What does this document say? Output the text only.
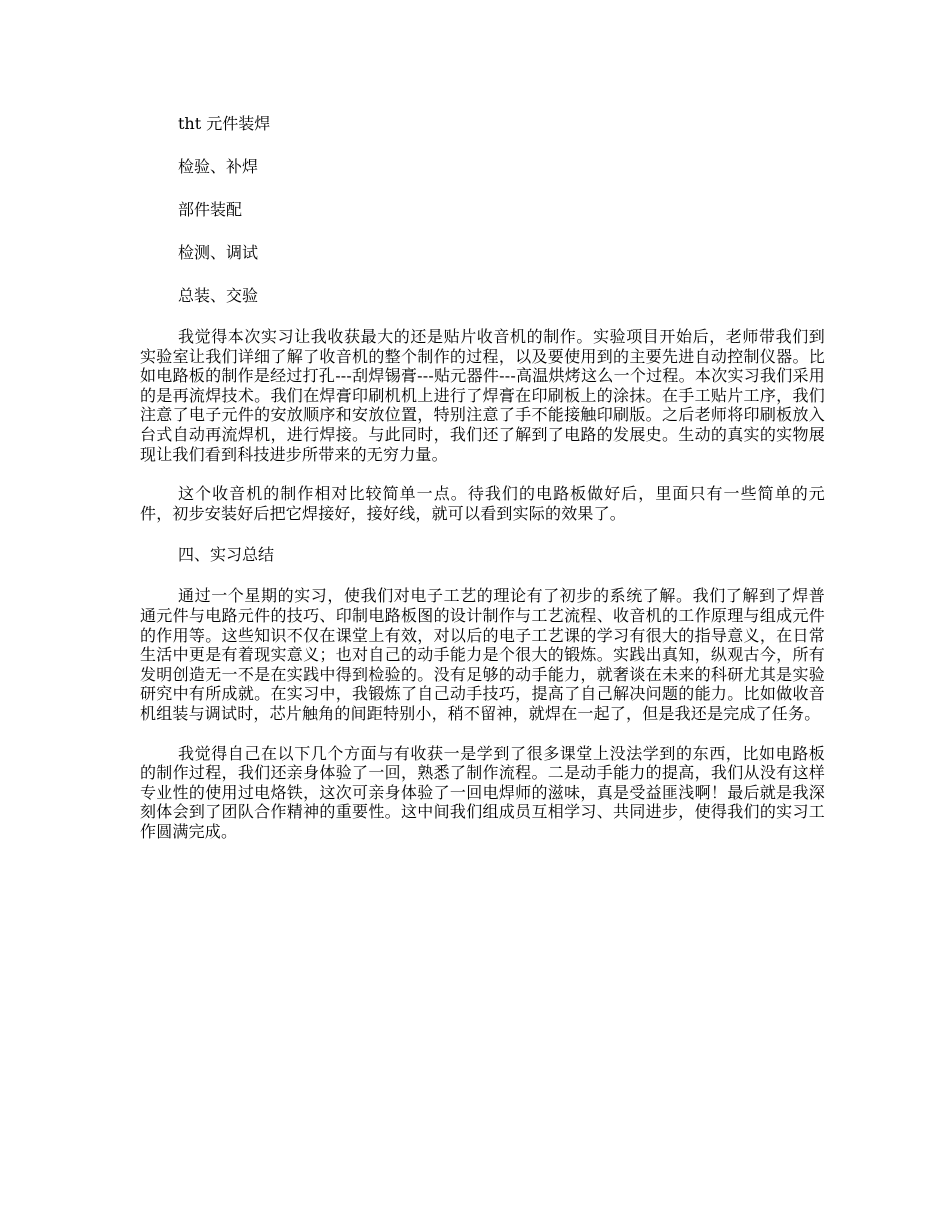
tht 元件装焊

检验、补焊

部件装配

检测、调试

总装、交验

我觉得本次实习让我收获最大的还是贴片收音机的制作。实验项目开始后，老师带我们到实验室让我们详细了解了收音机的整个制作的过程，以及要使用到的主要先进自动控制仪器。比如电路板的制作是经过打孔---刮焊锡膏---贴元器件---高温烘烤这么一个过程。本次实习我们采用的是再流焊技术。我们在焊膏印刷机机上进行了焊膏在印刷板上的涂抹。在手工贴片工序，我们注意了电子元件的安放顺序和安放位置，特别注意了手不能接触印刷版。之后老师将印刷板放入台式自动再流焊机，进行焊接。与此同时，我们还了解到了电路的发展史。生动的真实的实物展现让我们看到科技进步所带来的无穷力量。

这个收音机的制作相对比较简单一点。待我们的电路板做好后，里面只有一些简单的元件，初步安装好后把它焊接好，接好线，就可以看到实际的效果了。

四、实习总结

通过一个星期的实习，使我们对电子工艺的理论有了初步的系统了解。我们了解到了焊普通元件与电路元件的技巧、印制电路板图的设计制作与工艺流程、收音机的工作原理与组成元件的作用等。这些知识不仅在课堂上有效，对以后的电子工艺课的学习有很大的指导意义，在日常生活中更是有着现实意义；也对自己的动手能力是个很大的锻炼。实践出真知，纵观古今，所有发明创造无一不是在实践中得到检验的。没有足够的动手能力，就奢谈在未来的科研尤其是实验研究中有所成就。在实习中，我锻炼了自己动手技巧，提高了自己解决问题的能力。比如做收音机组装与调试时，芯片触角的间距特别小，稍不留神，就焊在一起了，但是我还是完成了任务。

我觉得自己在以下几个方面与有收获一是学到了很多课堂上没法学到的东西，比如电路板的制作过程，我们还亲身体验了一回，熟悉了制作流程。二是动手能力的提高，我们从没有这样专业性的使用过电烙铁，这次可亲身体验了一回电焊师的滋味，真是受益匪浅啊！最后就是我深刻体会到了团队合作精神的重要性。这中间我们组成员互相学习、共同进步，使得我们的实习工作圆满完成。
